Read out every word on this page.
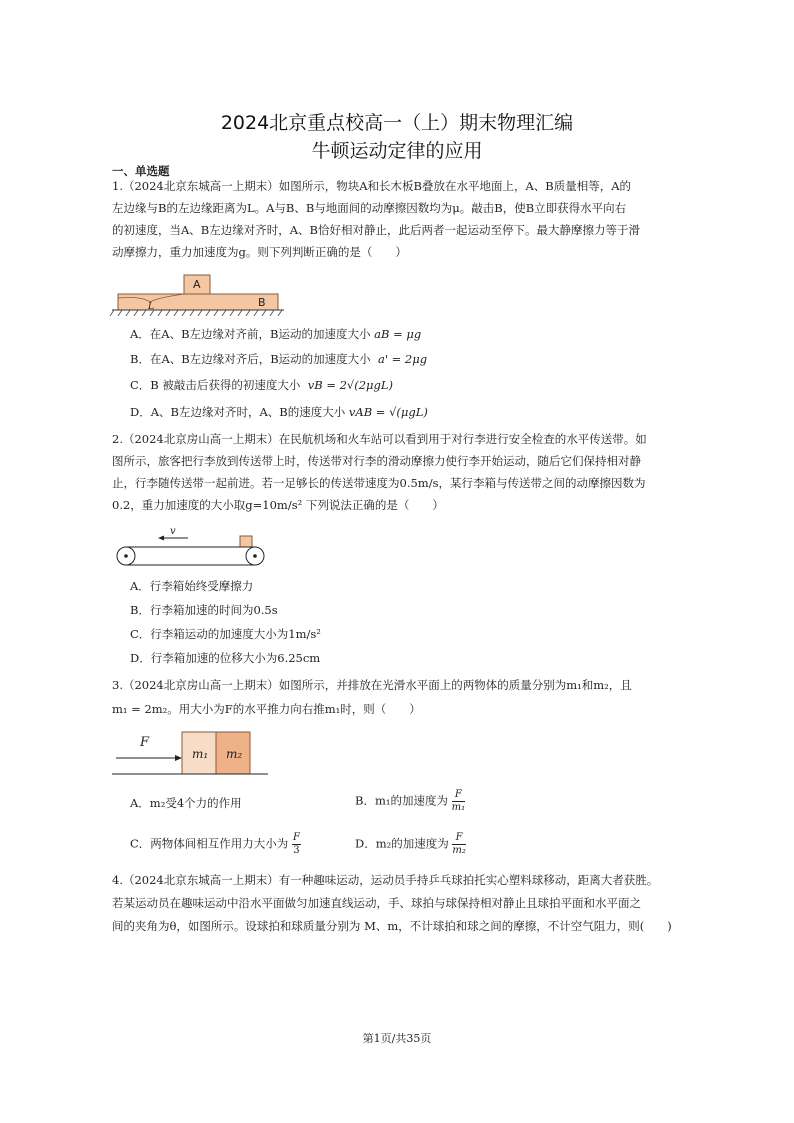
2024北京重点校高一（上）期末物理汇编
牛顿运动定律的应用
一、单选题
1.（2024北京东城高一上期末）如图所示，物块A和长木板B叠放在水平地面上，A、B质量相等，A的
左边缘与B的左边缘距离为L。A与B、B与地面间的动摩擦因数均为μ。敲击B，使B立即获得水平向右
的初速度，当A、B左边缘对齐时，A、B恰好相对静止，此后两者一起运动至停下。最大静摩擦力等于滑
动摩擦力，重力加速度为g。则下列判断正确的是（　　）
A
B
L
A．在A、B左边缘对齐前，B运动的加速度大小 aB = μg
B．在A、B左边缘对齐后，B运动的加速度大小 a' = 2μg
C．B 被敲击后获得的初速度大小 vB = 2√(2μgL)
D．A、B左边缘对齐时，A、B的速度大小 vAB = √(μgL)
2.（2024北京房山高一上期末）在民航机场和火车站可以看到用于对行李进行安全检查的水平传送带。如
图所示，旅客把行李放到传送带上时，传送带对行李的滑动摩擦力使行李开始运动，随后它们保持相对静
止，行李随传送带一起前进。若一足够长的传送带速度为0.5m/s，某行李箱与传送带之间的动摩擦因数为
0.2，重力加速度的大小取g=10m/s² 下列说法正确的是（　　）
v
A．行李箱始终受摩擦力
B．行李箱加速的时间为0.5s
C．行李箱运动的加速度大小为1m/s²
D．行李箱加速的位移大小为6.25cm
3.（2024北京房山高一上期末）如图所示，并排放在光滑水平面上的两物体的质量分别为m₁和m₂，且
m₁ = 2m₂。用大小为F的水平推力向右推m₁时，则（　　）
F
m₁ m₂
A．m₂受4个力的作用	B．m₁的加速度为 $\frac{F}{\text{m₁}}$
C．两物体间相互作用力大小为 $\frac{F}{3}$	D．m₂的加速度为 $\frac{F}{\text{m₂}}$
4.（2024北京东城高一上期末）有一种趣味运动，运动员手持乒乓球拍托实心塑料球移动，距离大者获胜。
若某运动员在趣味运动中沿水平面做匀加速直线运动，手、球拍与球保持相对静止且球拍平面和水平面之
间的夹角为θ，如图所示。设球拍和球质量分别为 M、m，不计球拍和球之间的摩擦，不计空气阻力，则(　　)
第1页/共35页
